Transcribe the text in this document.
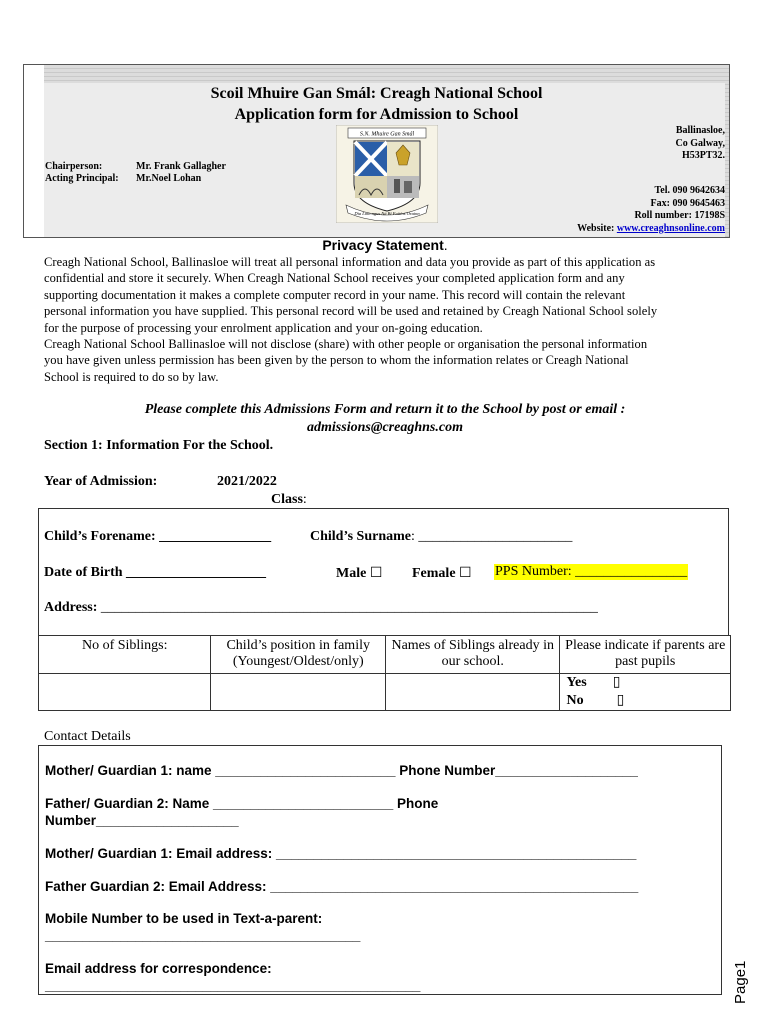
Scoil Mhuire Gan Smál: Creagh National School
Application form for Admission to School
Chairperson:	Mr. Frank Gallagher
Acting Principal: Mr.Noel Lohan
S.N. Mhuire Gan Smál
Dia Linn agus Ná Bí Faitíos Orainn
Ballinasloe,
Co Galway,
H53PT32.
Tel. 090 9642634
Fax: 090 9645463
Roll number: 17198S
Website: www.creaghnsonline.com
Privacy Statement.
Creagh National School, Ballinasloe will treat all personal information and data you provide as part of this application as
confidential and store it securely. When Creagh National School receives your completed application form and any
supporting documentation it makes a complete computer record in your name. This record will contain the relevant
personal information you have supplied. This personal record will be used and retained by Creagh National School solely
for the purpose of processing your enrolment application and your on-going education.
Creagh National School Ballinasloe will not disclose (share) with other people or organisation the personal information
you have given unless permission has been given by the person to whom the information relates or Creagh National
School is required to do so by law.
Please complete this Admissions Form and return it to the School by post or email :
admissions@creaghns.com
Section 1: Information For the School.
Year of Admission:	2021/2022
Class:
Child’s Forename: ________________	Child’s Surname: ______________________
Date of Birth ____________________	Male ☐ Female ☐ PPS Number: ________________
Address: _______________________________________________________________________
No of Siblings:	Child’s position in family (Youngest/Oldest/only)	Names of Siblings already in our school.	Please indicate if parents are past pupils

			Yes ▯
No ▯
Contact Details
Mother/ Guardian 1: name ________________________ Phone Number___________________
Father/ Guardian 2: Name ________________________ Phone
Number___________________
Mother/ Guardian 1: Email address: ________________________________________________
Father Guardian 2: Email Address: _________________________________________________
Mobile Number to be used in Text-a-parent:
__________________________________________
Email address for correspondence:
__________________________________________________	Page1
